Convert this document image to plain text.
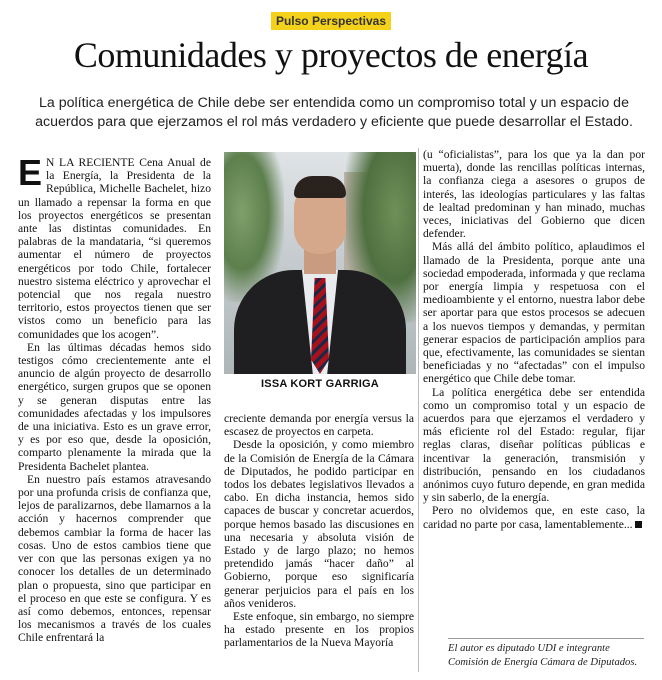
Pulso Perspectivas
Comunidades y proyectos de energía
La política energética de Chile debe ser entendida como un compromiso total y un espacio de acuerdos para que ejerzamos el rol más verdadero y eficiente que puede desarrollar el Estado.

E N LA RECIENTE Cena Anual de la Energía, la Presidenta de la República, Michelle Bachelet, hizo un llamado a repensar la forma en que los proyectos energéticos se presentan ante las distintas comunidades. En palabras de la mandataria, “si queremos aumentar el número de proyectos energéticos por todo Chile, fortalecer nuestro sistema eléctrico y aprovechar el potencial que nos regala nuestro territorio, estos proyectos tienen que ser vistos como un beneficio para las comunidades que los acogen”.

En las últimas décadas hemos sido testigos cómo crecientemente ante el anuncio de algún proyecto de desarrollo energético, surgen grupos que se oponen y se generan disputas entre las comunidades afectadas y los impulsores de una iniciativa. Esto es un grave error, y es por eso que, desde la oposición, comparto plenamente la mirada que la Presidenta Bachelet plantea.

En nuestro país estamos atravesando por una profunda crisis de confianza que, lejos de paralizarnos, debe llamarnos a la acción y hacernos comprender que debemos cambiar la forma de hacer las cosas. Uno de estos cambios tiene que ver con que las personas exigen ya no conocer los detalles de un determinado plan o propuesta, sino que participar en el proceso en que este se configura. Y es así como debemos, entonces, repensar los mecanismos a través de los cuales Chile enfrentará la

ISSA KORT GARRIGA

creciente demanda por energía versus la escasez de proyectos en carpeta.

Desde la oposición, y como miembro de la Comisión de Energía de la Cámara de Diputados, he podido participar en todos los debates legislativos llevados a cabo. En dicha instancia, hemos sido capaces de buscar y concretar acuerdos, porque hemos basado las discusiones en una necesaria y absoluta visión de Estado y de largo plazo; no hemos pretendido jamás “hacer daño” al Gobierno, porque eso significaría generar perjuicios para el país en los años venideros.

Este enfoque, sin embargo, no siempre ha estado presente en los propios parlamentarios de la Nueva Mayoría

(u “oficialistas”, para los que ya la dan por muerta), donde las rencillas políticas internas, la confianza ciega a asesores o grupos de interés, las ideologías particulares y las faltas de lealtad predominan y han minado, muchas veces, iniciativas del Gobierno que dicen defender.

Más allá del ámbito político, aplaudimos el llamado de la Presidenta, porque ante una sociedad empoderada, informada y que reclama por energía limpia y respetuosa con el medioambiente y el entorno, nuestra labor debe ser aportar para que estos procesos se adecuen a los nuevos tiempos y demandas, y permitan generar espacios de participación amplios para que, efectivamente, las comunidades se sientan beneficiadas y no “afectadas” con el impulso energético que Chile debe tomar.

La política energética debe ser entendida como un compromiso total y un espacio de acuerdos para que ejerzamos el verdadero y más eficiente rol del Estado: regular, fijar reglas claras, diseñar políticas públicas e incentivar la generación, transmisión y distribución, pensando en los ciudadanos anónimos cuyo futuro depende, en gran medida y sin saberlo, de la energía.

Pero no olvidemos que, en este caso, la caridad no parte por casa, lamentablemente...

El autor es diputado UDI e integrante Comisión de Energía Cámara de Diputados.
